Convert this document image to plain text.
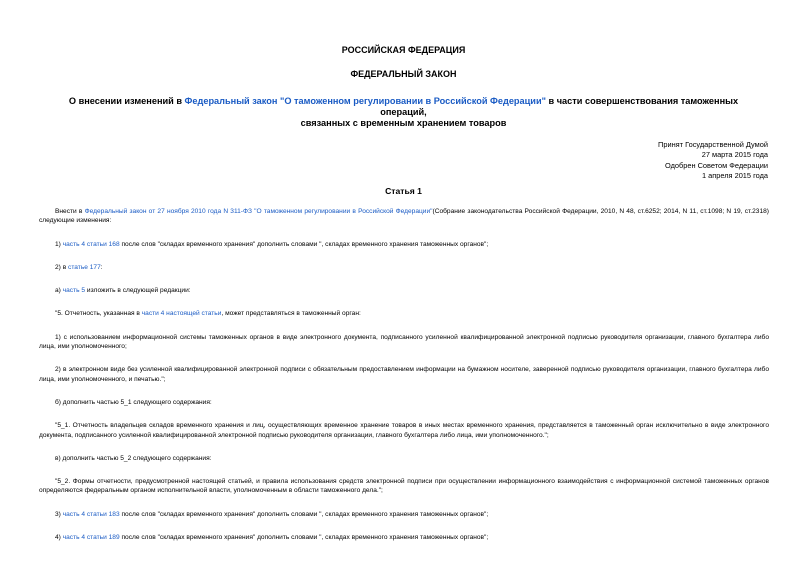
РОССИЙСКАЯ ФЕДЕРАЦИЯ
ФЕДЕРАЛЬНЫЙ ЗАКОН
О внесении изменений в Федеральный закон "О таможенном регулировании в Российской Федерации" в части совершенствования таможенных операций,
связанных с временным хранением товаров
Принят Государственной Думой
27 марта 2015 года
Одобрен Советом Федерации
1 апреля 2015 года
Статья 1

Внести в Федеральный закон от 27 ноября 2010 года N 311-ФЗ "О таможенном регулировании в Российской Федерации"(Собрание законодательства Российской Федерации, 2010, N 48, ст.6252; 2014, N 11, ст.1098; N 19, ст.2318) следующие изменения:

1) часть 4 статьи 168 после слов "складах временного хранения" дополнить словами ", складах временного хранения таможенных органов";

2) в статье 177:

а) часть 5 изложить в следующей редакции:

"5. Отчетность, указанная в части 4 настоящей статьи, может представляться в таможенный орган:

1) с использованием информационной системы таможенных органов в виде электронного документа, подписанного усиленной квалифицированной электронной подписью руководителя организации, главного бухгалтера либо лица, ими уполномоченного;

2) в электронном виде без усиленной квалифицированной электронной подписи с обязательным предоставлением информации на бумажном носителе, заверенной подписью руководителя организации, главного бухгалтера либо лица, ими уполномоченного, и печатью.";

б) дополнить частью 5_1 следующего содержания:

"5_1. Отчетность владельцев складов временного хранения и лиц, осуществляющих временное хранение товаров в иных местах временного хранения, представляется в таможенный орган исключительно в виде электронного документа, подписанного усиленной квалифицированной электронной подписью руководителя организации, главного бухгалтера либо лица, ими уполномоченного.";

в) дополнить частью 5_2 следующего содержания:

"5_2. Формы отчетности, предусмотренной настоящей статьей, и правила использования средств электронной подписи при осуществлении информационного взаимодействия с информационной системой таможенных органов определяются федеральным органом исполнительной власти, уполномоченным в области таможенного дела.";

3) часть 4 статьи 183 после слов "складах временного хранения" дополнить словами ", складах временного хранения таможенных органов";

4) часть 4 статьи 189 после слов "складах временного хранения" дополнить словами ", складах временного хранения таможенных органов";
